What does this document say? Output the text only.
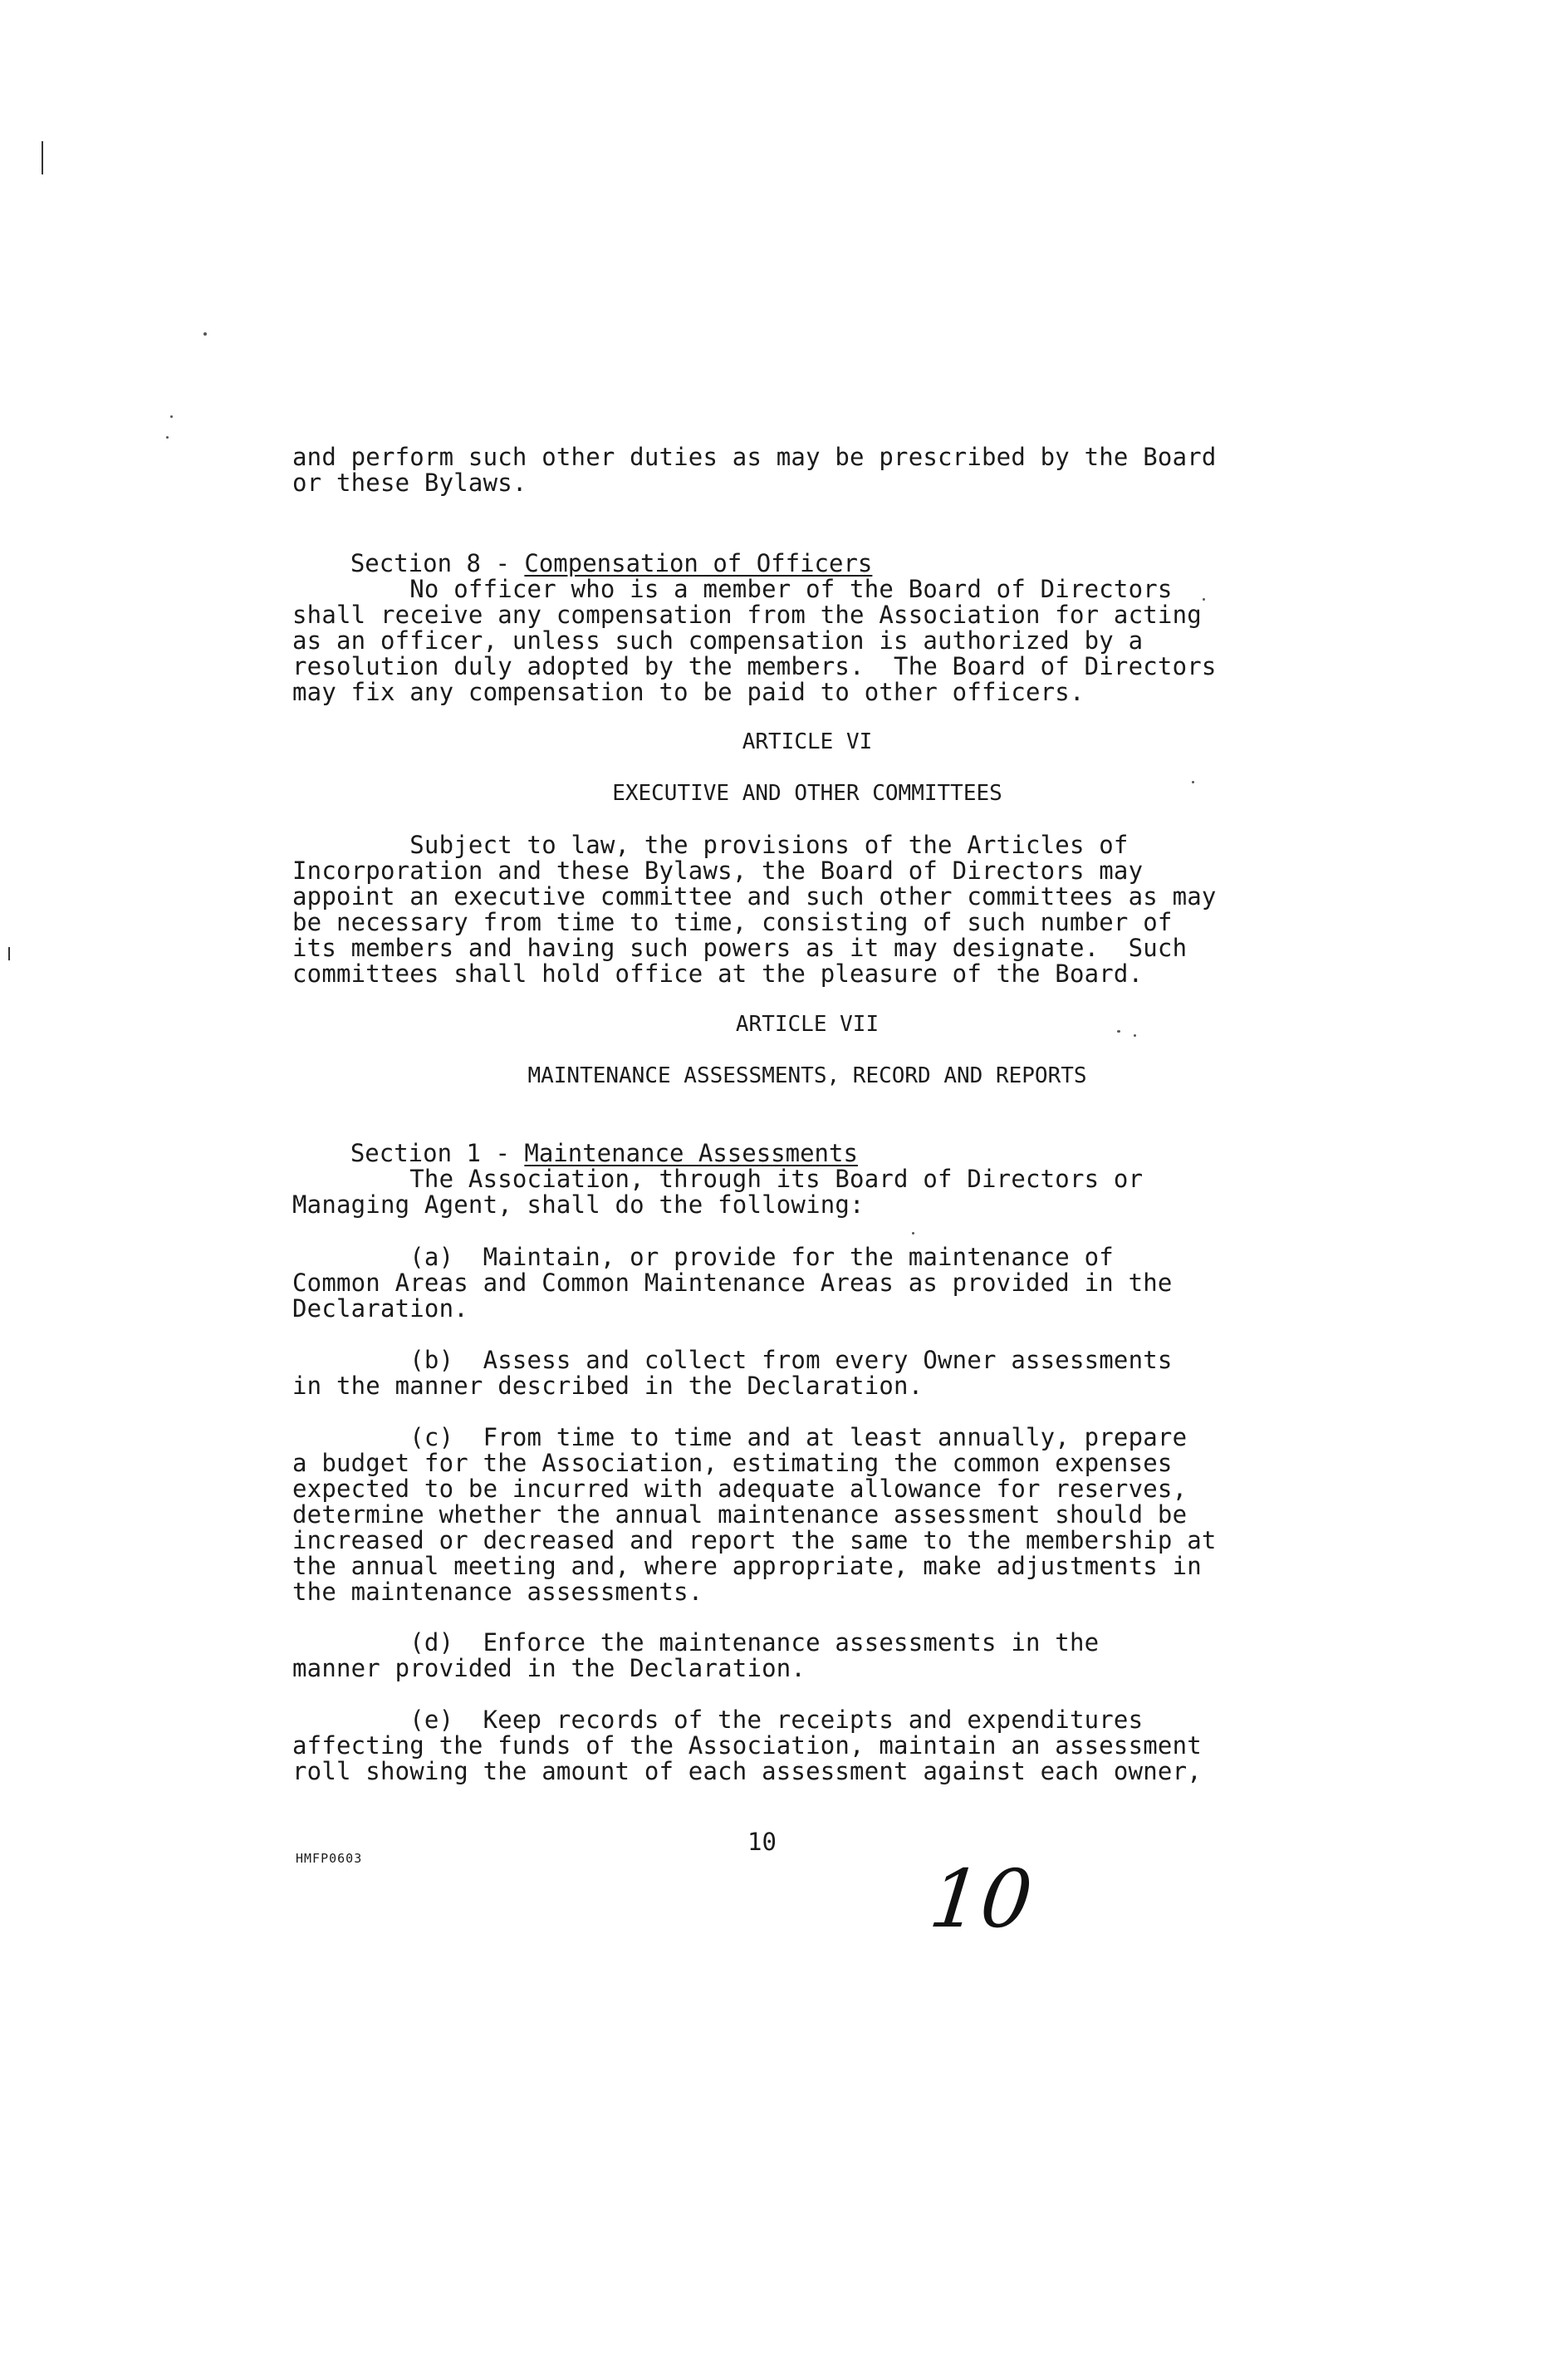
and perform such other duties as may be prescribed by the Board
or these Bylaws.

Section 8 - Compensation of Officers

No officer who is a member of the Board of Directors
shall receive any compensation from the Association for acting
as an officer, unless such compensation is authorized by a
resolution duly adopted by the members.  The Board of Directors
may fix any compensation to be paid to other officers.
ARTICLE VI
EXECUTIVE AND OTHER COMMITTEES
Subject to law, the provisions of the Articles of
Incorporation and these Bylaws, the Board of Directors may
appoint an executive committee and such other committees as may
be necessary from time to time, consisting of such number of
its members and having such powers as it may designate.  Such
committees shall hold office at the pleasure of the Board.
ARTICLE VII
MAINTENANCE ASSESSMENTS, RECORD AND REPORTS

Section 1 - Maintenance Assessments

The Association, through its Board of Directors or
Managing Agent, shall do the following:
(a)  Maintain, or provide for the maintenance of
Common Areas and Common Maintenance Areas as provided in the
Declaration.
(b)  Assess and collect from every Owner assessments
in the manner described in the Declaration.
(c)  From time to time and at least annually, prepare
a budget for the Association, estimating the common expenses
expected to be incurred with adequate allowance for reserves,
determine whether the annual maintenance assessment should be
increased or decreased and report the same to the membership at
the annual meeting and, where appropriate, make adjustments in
the maintenance assessments.
(d)  Enforce the maintenance assessments in the
manner provided in the Declaration.
(e)  Keep records of the receipts and expenditures
affecting the funds of the Association, maintain an assessment
roll showing the amount of each assessment against each owner,
HMFP0603
10
10
